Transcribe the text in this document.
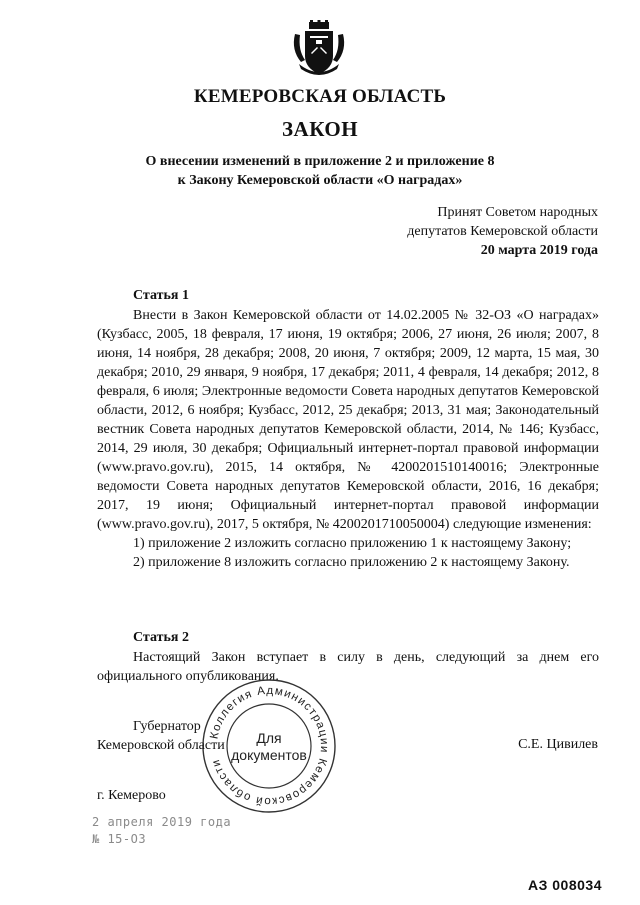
КЕМЕРОВСКАЯ ОБЛАСТЬ
ЗАКОН
О внесении изменений в приложение 2 и приложение 8
к Закону Кемеровской области «О наградах»
Принят Советом народных
депутатов Кемеровской области
20 марта 2019 года
Статья 1

Внести в Закон Кемеровской области от 14.02.2005 № 32-ОЗ «О наградах» (Кузбасс, 2005, 18 февраля, 17 июня, 19 октября; 2006, 27 июня, 26 июля; 2007, 8 июня, 14 ноября, 28 декабря; 2008, 20 июня, 7 октября; 2009, 12 марта, 15 мая, 30 декабря; 2010, 29 января, 9 ноября, 17 декабря; 2011, 4 февраля, 14 декабря; 2012, 8 февраля, 6 июля; Электронные ведомости Совета народных депутатов Кемеровской области, 2012, 6 ноября; Кузбасс, 2012, 25 декабря; 2013, 31 мая; Законодательный вестник Совета народных депутатов Кемеровской области, 2014, № 146; Кузбасс, 2014, 29 июля, 30 декабря; Официальный интернет-портал правовой информации (www.pravo.gov.ru), 2015, 14 октября, № 4200201510140016; Электронные ведомости Совета народных депутатов Кемеровской области, 2016, 16 декабря; 2017, 19 июня; Официальный интернет-портал правовой информации (www.pravo.gov.ru), 2017, 5 октября, № 4200201710050004) следующие изменения:

1) приложение 2 изложить согласно приложению 1 к настоящему Закону;

2) приложение 8 изложить согласно приложению 2 к настоящему Закону.

Статья 2

Настоящий Закон вступает в силу в день, следующий за днем его официального опубликования.

Коллегия Администрации Кемеровской области
Для
документов
Губернатор
Кемеровской области	С.Е. Цивилев
г. Кемерово
2 апреля 2019 года
№ 15-ОЗ
АЗ 008034
